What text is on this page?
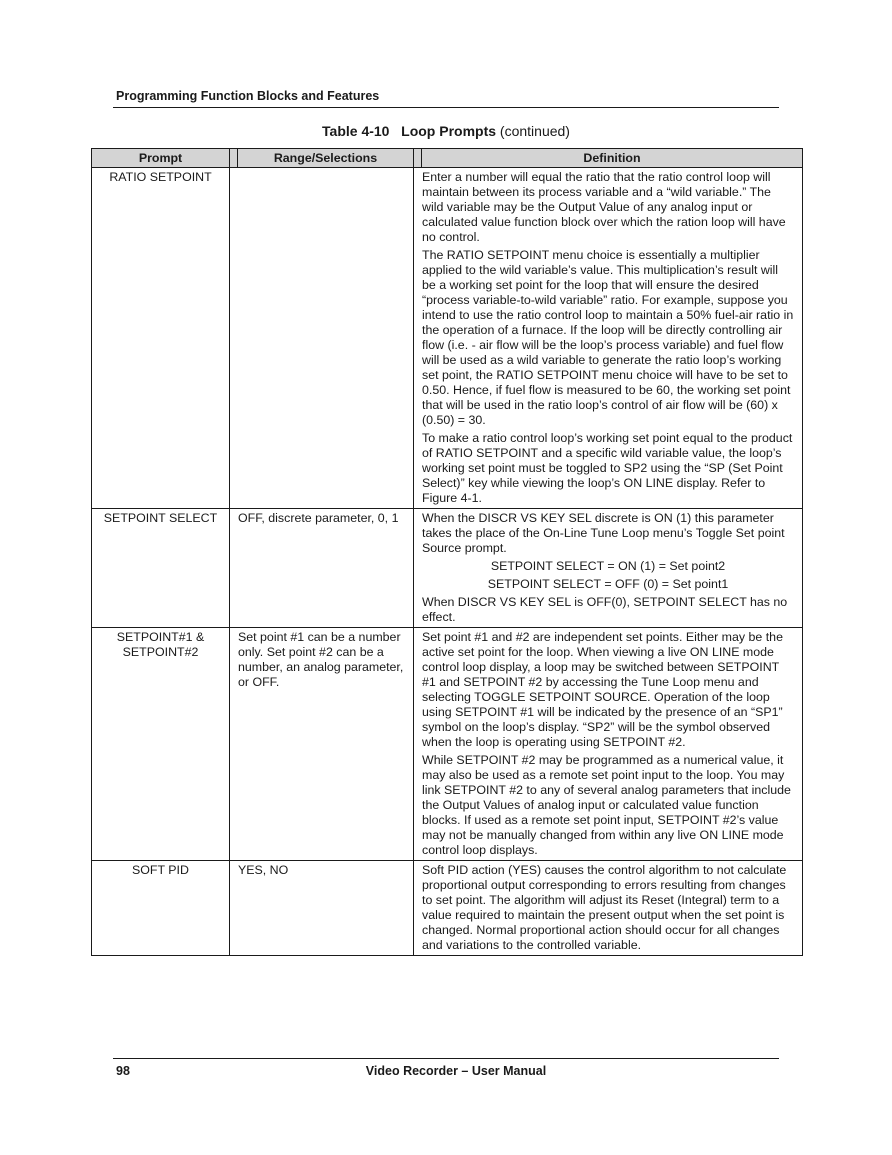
Programming Function Blocks and Features
Table 4-10 Loop Prompts (continued)
Prompt		Range/Selections		Definition
RATIO SETPOINT			Enter a number will equal the ratio that the ratio control loop will maintain between its process variable and a “wild variable.” The wild variable may be the Output Value of any analog input or calculated value function block over which the ration loop will have no control.

The RATIO SETPOINT menu choice is essentially a multiplier applied to the wild variable’s value. This multiplication’s result will be a working set point for the loop that will ensure the desired “process variable-to-wild variable” ratio. For example, suppose you intend to use the ratio control loop to maintain a 50% fuel-air ratio in the operation of a furnace. If the loop will be directly controlling air flow (i.e. - air flow will be the loop’s process variable) and fuel flow will be used as a wild variable to generate the ratio loop’s working set point, the RATIO SETPOINT menu choice will have to be set to 0.50. Hence, if fuel flow is measured to be 60, the working set point that will be used in the ratio loop’s control of air flow will be (60) x (0.50) = 30.

To make a ratio control loop’s working set point equal to the product of RATIO SETPOINT and a specific wild variable value, the loop’s working set point must be toggled to SP2 using the “SP (Set Point Select)” key while viewing the loop’s ON LINE display. Refer to Figure 4-1.	

SETPOINT SELECT	OFF, discrete parameter, 0, 1		When the DISCR VS KEY SEL discrete is ON (1) this parameter takes the place of the On-Line Tune Loop menu’s Toggle Set point Source prompt.

SETPOINT SELECT = ON (1) = Set point2

SETPOINT SELECT = OFF (0) = Set point1

When DISCR VS KEY SEL is OFF(0), SETPOINT SELECT has no effect.	

SETPOINT#1 & SETPOINT#2	Set point #1 can be a number only. Set point #2 can be a number, an analog parameter, or OFF.		Set point #1 and #2 are independent set points. Either may be the active set point for the loop. When viewing a live ON LINE mode control loop display, a loop may be switched between SETPOINT #1 and SETPOINT #2 by accessing the Tune Loop menu and selecting TOGGLE SETPOINT SOURCE. Operation of the loop using SETPOINT #1 will be indicated by the presence of an “SP1” symbol on the loop’s display. “SP2” will be the symbol observed when the loop is operating using SETPOINT #2.

While SETPOINT #2 may be programmed as a numerical value, it may also be used as a remote set point input to the loop. You may link SETPOINT #2 to any of several analog parameters that include the Output Values of analog input or calculated value function blocks. If used as a remote set point input, SETPOINT #2’s value may not be manually changed from within any live ON LINE mode control loop displays.	

SOFT PID	YES, NO		Soft PID action (YES) causes the control algorithm to not calculate proportional output corresponding to errors resulting from changes to set point. The algorithm will adjust its Reset (Integral) term to a value required to maintain the present output when the set point is changed. Normal proportional action should occur for all changes and variations to the controlled variable.	

98	Video Recorder – User Manual
